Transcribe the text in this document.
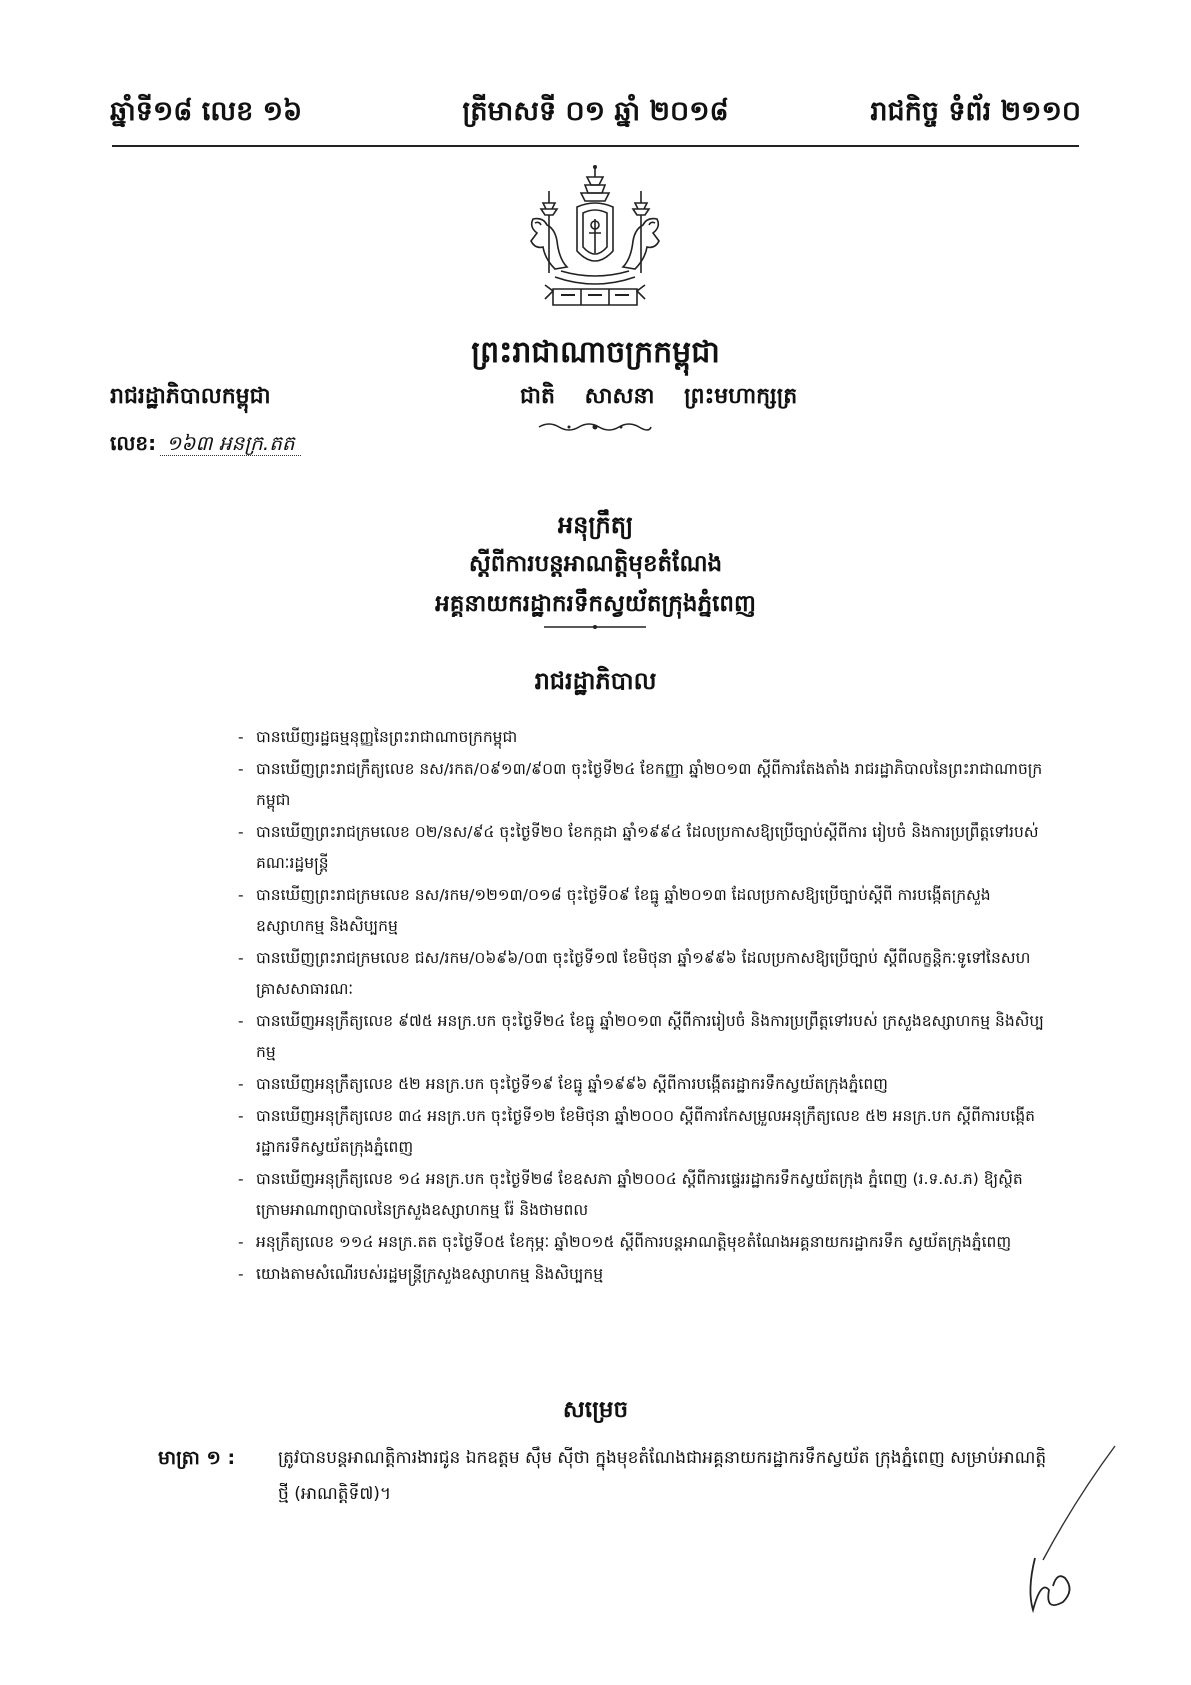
ឆ្នាំទី១៨ លេខ ១៦	ត្រីមាសទី ០១ ឆ្នាំ ២០១៨	រាជកិច្ច ទំព័រ ២១១០
ព្រះរាជាណាចក្រកម្ពុជា
រាជរដ្ឋាភិបាលកម្ពុជា	ជាតិ សាសនា ព្រះមហាក្សត្រ
លេខ: ១៦៣ អនក្រ.តត
អនុក្រឹត្យ
ស្តីពីការបន្តអាណត្តិមុខតំណែង
អគ្គនាយករដ្ឋាករទឹកស្វយ័តក្រុងភ្នំពេញ
រាជរដ្ឋាភិបាល
- បានឃើញរដ្ឋធម្មនុញ្ញនៃព្រះរាជាណាចក្រកម្ពុជា
- បានឃើញព្រះរាជក្រឹត្យលេខ នស/រកត/០៩១៣/៩០៣ ចុះថ្ងៃទី២៤ ខែកញ្ញា ឆ្នាំ២០១៣ ស្តីពីការតែងតាំង រាជរដ្ឋាភិបាលនៃព្រះរាជាណាចក្រកម្ពុជា
- បានឃើញព្រះរាជក្រមលេខ ០២/នស/៩៤ ចុះថ្ងៃទី២០ ខែកក្កដា ឆ្នាំ១៩៩៤ ដែលប្រកាសឱ្យប្រើច្បាប់ស្តីពីការ រៀបចំ និងការប្រព្រឹត្តទៅរបស់គណៈរដ្ឋមន្ត្រី
- បានឃើញព្រះរាជក្រមលេខ នស/រកម/១២១៣/០១៨ ចុះថ្ងៃទី០៩ ខែធ្នូ ឆ្នាំ២០១៣ ដែលប្រកាសឱ្យប្រើច្បាប់ស្តីពី ការបង្កើតក្រសួងឧស្សាហកម្ម និងសិប្បកម្ម
- បានឃើញព្រះរាជក្រមលេខ ជស/រកម/០៦៩៦/០៣ ចុះថ្ងៃទី១៧ ខែមិថុនា ឆ្នាំ១៩៩៦ ដែលប្រកាសឱ្យប្រើច្បាប់ ស្តីពីលក្ខន្តិកៈទូទៅនៃសហគ្រាសសាធារណៈ
- បានឃើញអនុក្រឹត្យលេខ ៩៧៥ អនក្រ.បក ចុះថ្ងៃទី២៤ ខែធ្នូ ឆ្នាំ២០១៣ ស្តីពីការរៀបចំ និងការប្រព្រឹត្តទៅរបស់ ក្រសួងឧស្សាហកម្ម និងសិប្បកម្ម
- បានឃើញអនុក្រឹត្យលេខ ៥២ អនក្រ.បក ចុះថ្ងៃទី១៩ ខែធ្នូ ឆ្នាំ១៩៩៦ ស្តីពីការបង្កើតរដ្ឋាករទឹកស្វយ័តក្រុងភ្នំពេញ
- បានឃើញអនុក្រឹត្យលេខ ៣៤ អនក្រ.បក ចុះថ្ងៃទី១២ ខែមិថុនា ឆ្នាំ២០០០ ស្តីពីការកែសម្រួលអនុក្រឹត្យលេខ ៥២ អនក្រ.បក ស្តីពីការបង្កើតរដ្ឋាករទឹកស្វយ័តក្រុងភ្នំពេញ
- បានឃើញអនុក្រឹត្យលេខ ១៤ អនក្រ.បក ចុះថ្ងៃទី២៨ ខែឧសភា ឆ្នាំ២០០៤ ស្តីពីការផ្ទេររដ្ឋាករទឹកស្វយ័តក្រុង ភ្នំពេញ (រ.ទ.ស.ភ) ឱ្យស្ថិតក្រោមអាណាព្យាបាលនៃក្រសួងឧស្សាហកម្ម រ៉ែ និងថាមពល
- អនុក្រឹត្យលេខ ១១៤ អនក្រ.តត ចុះថ្ងៃទី០៥ ខែកុម្ភៈ ឆ្នាំ២០១៥ ស្តីពីការបន្តអាណត្តិមុខតំណែងអគ្គនាយករដ្ឋាករទឹក ស្វយ័តក្រុងភ្នំពេញ
- យោងតាមសំណើរបស់រដ្ឋមន្ត្រីក្រសួងឧស្សាហកម្ម និងសិប្បកម្ម
សម្រេច
មាត្រា ១ :	ត្រូវបានបន្តអាណត្តិការងារជូន ឯកឧត្តម ស៊ឹម ស៊ីថា ក្នុងមុខតំណែងជាអគ្គនាយករដ្ឋាករទឹកស្វយ័ត ក្រុងភ្នំពេញ សម្រាប់អាណត្តិថ្មី (អាណត្តិទី៧)។
